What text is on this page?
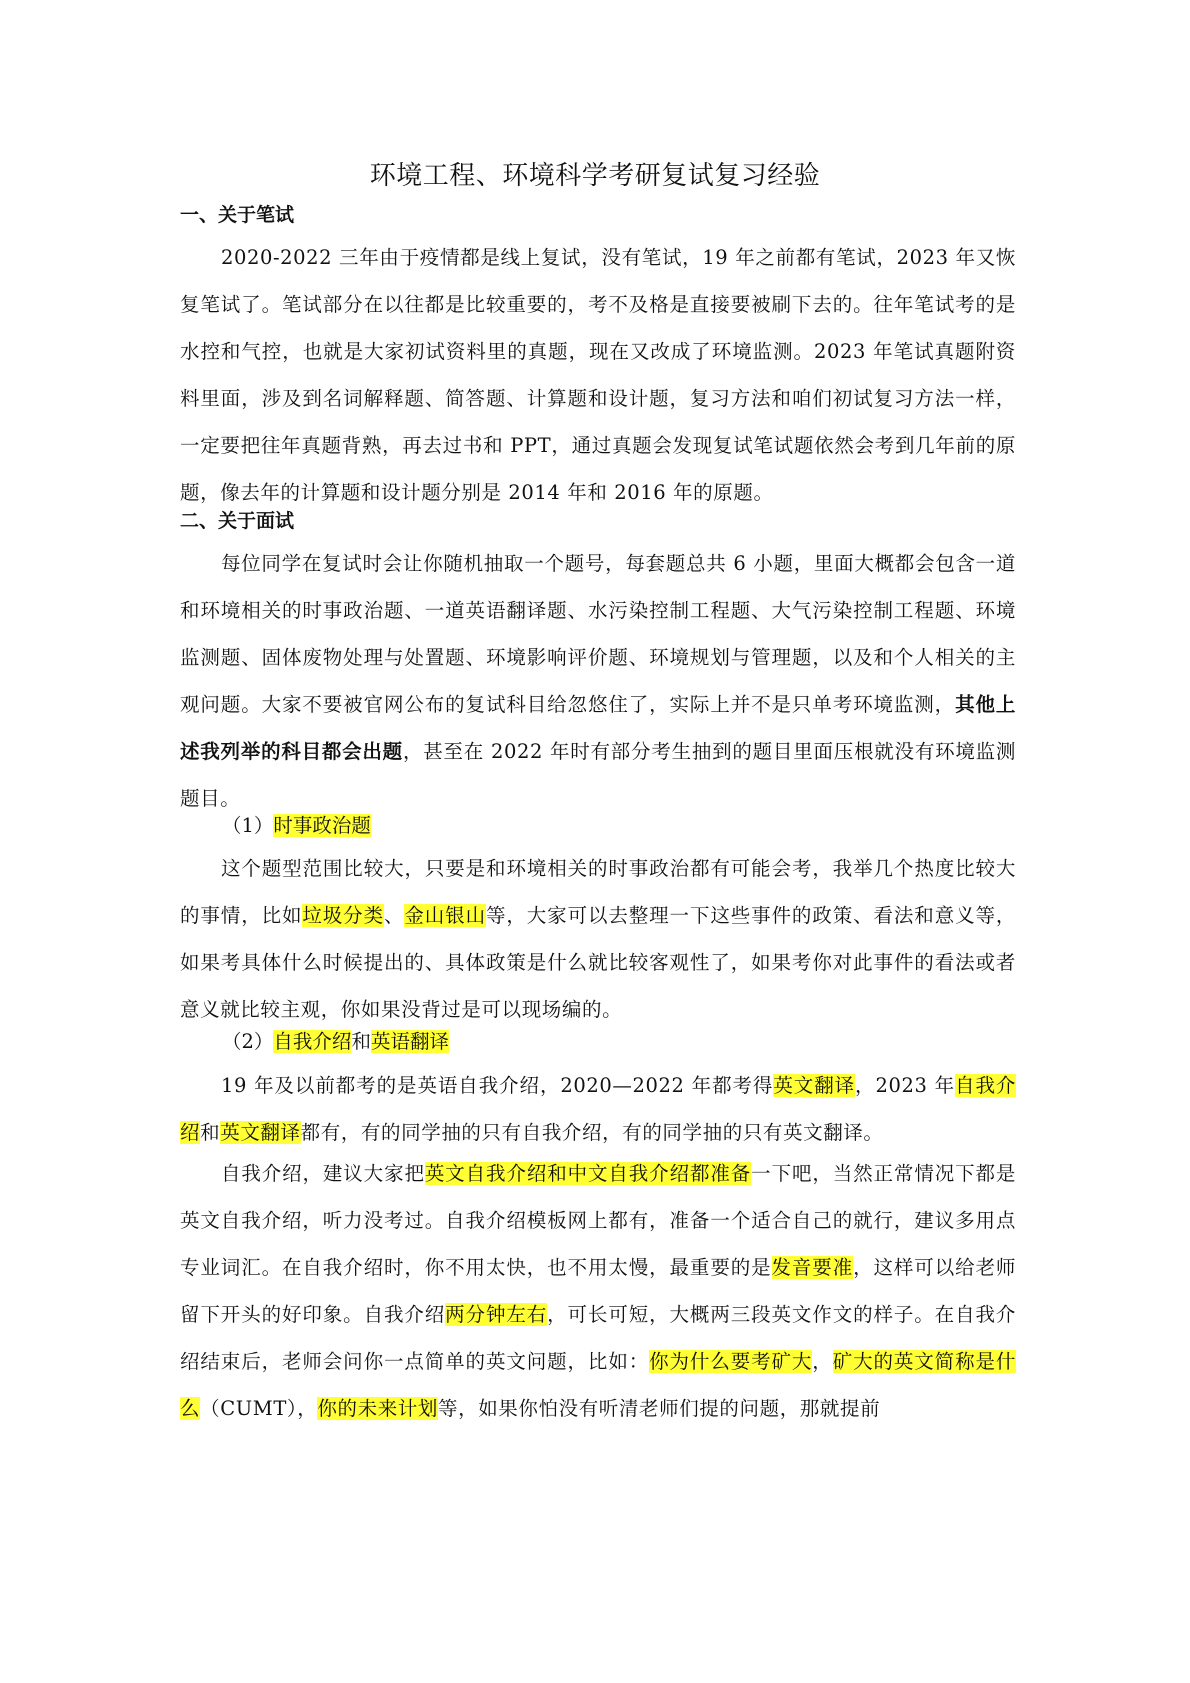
环境工程、环境科学考研复试复习经验
一、关于笔试
2020-2022 三年由于疫情都是线上复试，没有笔试，19 年之前都有笔试，2023 年又恢复笔试了。笔试部分在以往都是比较重要的，考不及格是直接要被刷下去的。往年笔试考的是水控和气控，也就是大家初试资料里的真题，现在又改成了环境监测。2023 年笔试真题附资料里面，涉及到名词解释题、简答题、计算题和设计题，复习方法和咱们初试复习方法一样，一定要把往年真题背熟，再去过书和 PPT，通过真题会发现复试笔试题依然会考到几年前的原题，像去年的计算题和设计题分别是 2014 年和 2016 年的原题。
二、关于面试
每位同学在复试时会让你随机抽取一个题号，每套题总共 6 小题，里面大概都会包含一道和环境相关的时事政治题、一道英语翻译题、水污染控制工程题、大气污染控制工程题、环境监测题、固体废物处理与处置题、环境影响评价题、环境规划与管理题，以及和个人相关的主观问题。大家不要被官网公布的复试科目给忽悠住了，实际上并不是只单考环境监测，其他上述我列举的科目都会出题，甚至在 2022 年时有部分考生抽到的题目里面压根就没有环境监测题目。
（1）时事政治题
这个题型范围比较大，只要是和环境相关的时事政治都有可能会考，我举几个热度比较大的事情，比如垃圾分类、金山银山等，大家可以去整理一下这些事件的政策、看法和意义等，如果考具体什么时候提出的、具体政策是什么就比较客观性了，如果考你对此事件的看法或者意义就比较主观，你如果没背过是可以现场编的。
（2）自我介绍和英语翻译
19 年及以前都考的是英语自我介绍，2020—2022 年都考得英文翻译，2023 年自我介绍和英文翻译都有，有的同学抽的只有自我介绍，有的同学抽的只有英文翻译。
自我介绍，建议大家把英文自我介绍和中文自我介绍都准备一下吧，当然正常情况下都是英文自我介绍，听力没考过。自我介绍模板网上都有，准备一个适合自己的就行，建议多用点专业词汇。在自我介绍时，你不用太快，也不用太慢，最重要的是发音要准，这样可以给老师留下开头的好印象。自我介绍两分钟左右，可长可短，大概两三段英文作文的样子。在自我介绍结束后，老师会问你一点简单的英文问题，比如：你为什么要考矿大，矿大的英文简称是什么（CUMT），你的未来计划等，如果你怕没有听清老师们提的问题，那就提前
